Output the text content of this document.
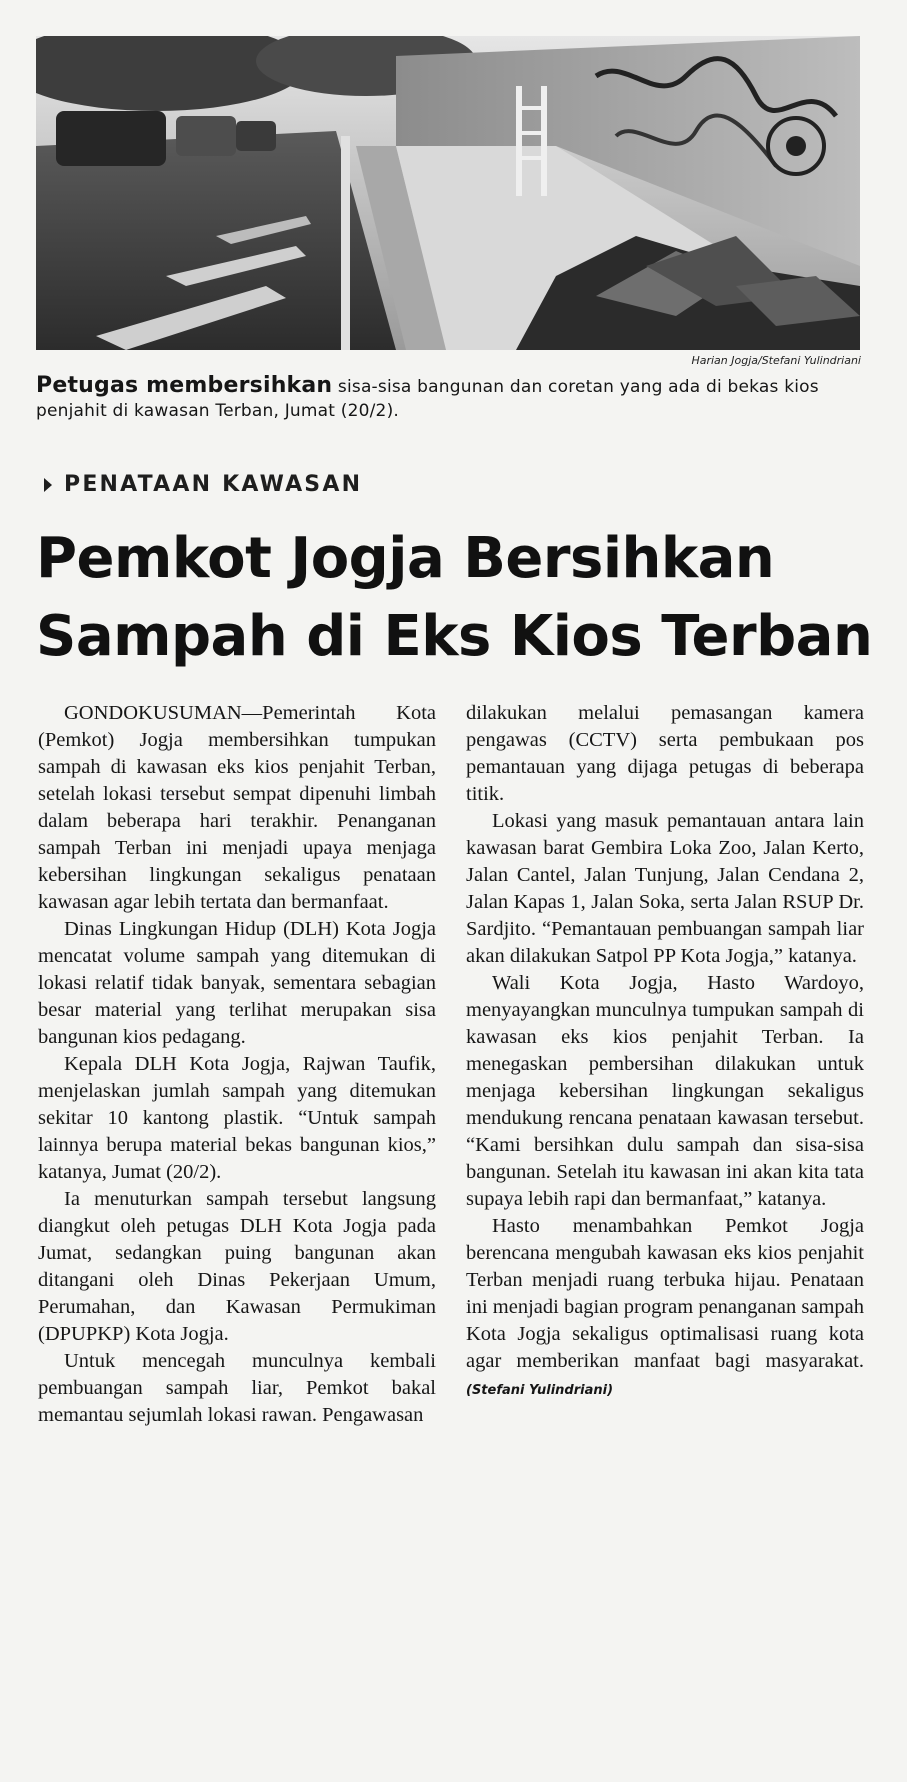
Harian Jogja/Stefani Yulindriani
Petugas membersihkan sisa-sisa bangunan dan coretan yang ada di bekas kios penjahit di kawasan Terban, Jumat (20/2).
PENATAAN KAWASAN
Pemkot Jogja Bersihkan
Sampah di Eks Kios Terban

GONDOKUSUMAN—Pemerintah Kota (Pemkot) Jogja membersihkan tumpukan sampah di kawasan eks kios penjahit Terban, setelah lokasi tersebut sempat dipenuhi limbah dalam beberapa hari terakhir. Penanganan sampah Terban ini menjadi upaya menjaga kebersihan lingkungan sekaligus penataan kawasan agar lebih tertata dan bermanfaat.

Dinas Lingkungan Hidup (DLH) Kota Jogja mencatat volume sampah yang ditemukan di lokasi relatif tidak banyak, sementara sebagian besar material yang terlihat merupakan sisa bangunan kios pedagang.

Kepala DLH Kota Jogja, Rajwan Taufik, menjelaskan jumlah sampah yang ditemukan sekitar 10 kantong plastik. “Untuk sampah lainnya berupa material bekas bangunan kios,” katanya, Jumat (20/2).

Ia menuturkan sampah tersebut langsung diangkut oleh petugas DLH Kota Jogja pada Jumat, sedangkan puing bangunan akan ditangani oleh Dinas Pekerjaan Umum, Perumahan, dan Kawasan Permukiman (DPUPKP) Kota Jogja.

Untuk mencegah munculnya kembali pembuangan sampah liar, Pemkot bakal memantau sejumlah lokasi rawan. Pengawasan

dilakukan melalui pemasangan kamera pengawas (CCTV) serta pembukaan pos pemantauan yang dijaga petugas di beberapa titik.

Lokasi yang masuk pemantauan antara lain kawasan barat Gembira Loka Zoo, Jalan Kerto, Jalan Cantel, Jalan Tunjung, Jalan Cendana 2, Jalan Kapas 1, Jalan Soka, serta Jalan RSUP Dr. Sardjito. “Pemantauan pembuangan sampah liar akan dilakukan Satpol PP Kota Jogja,” katanya.

Wali Kota Jogja, Hasto Wardoyo, menyayangkan munculnya tumpukan sampah di kawasan eks kios penjahit Terban. Ia menegaskan pembersihan dilakukan untuk menjaga kebersihan lingkungan sekaligus mendukung rencana penataan kawasan tersebut. “Kami bersihkan dulu sampah dan sisa-sisa bangunan. Setelah itu kawasan ini akan kita tata supaya lebih rapi dan bermanfaat,” katanya.

Hasto menambahkan Pemkot Jogja berencana mengubah kawasan eks kios penjahit Terban menjadi ruang terbuka hijau. Penataan ini menjadi bagian program penanganan sampah Kota Jogja sekaligus optimalisasi ruang kota agar memberikan manfaat bagi masyarakat. (Stefani Yulindriani)
